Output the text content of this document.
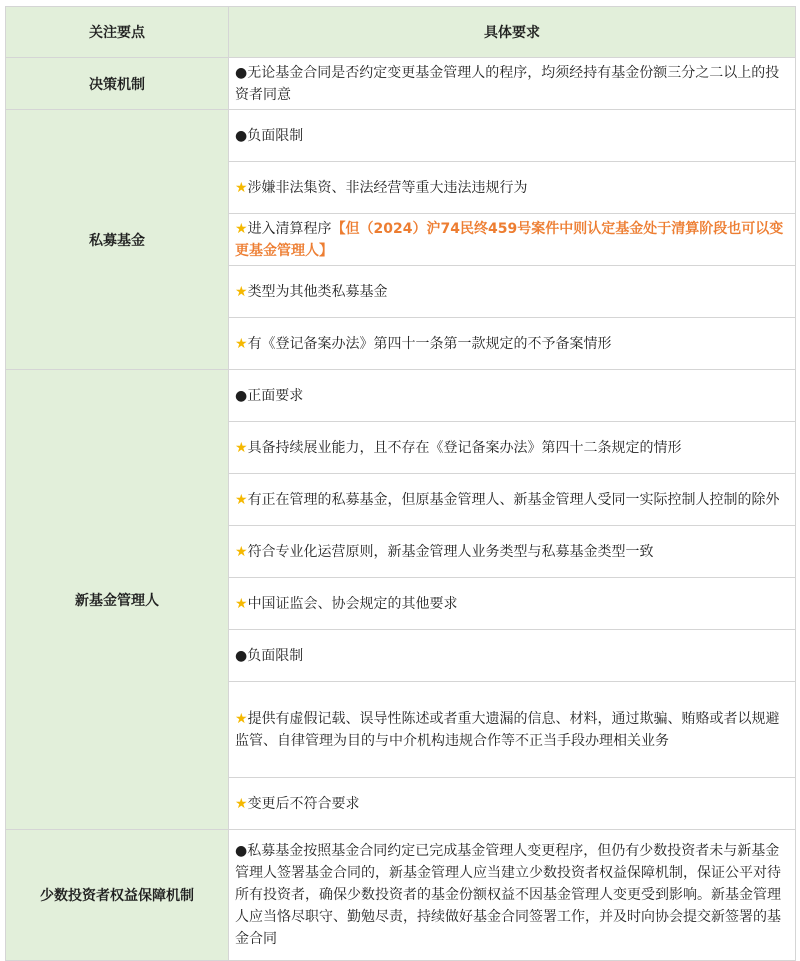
关注要点	具体要求
决策机制	●无论基金合同是否约定变更基金管理人的程序，均须经持有基金份额三分之二以上的投资者同意
私募基金	●负面限制
	★涉嫌非法集资、非法经营等重大违法违规行为
	★进入清算程序【但（2024）沪74民终459号案件中则认定基金处于清算阶段也可以变更基金管理人】
	★类型为其他类私募基金
	★有《登记备案办法》第四十一条第一款规定的不予备案情形
新基金管理人	●正面要求
	★具备持续展业能力，且不存在《登记备案办法》第四十二条规定的情形
	★有正在管理的私募基金，但原基金管理人、新基金管理人受同一实际控制人控制的除外
	★符合专业化运营原则，新基金管理人业务类型与私募基金类型一致
	★中国证监会、协会规定的其他要求
	●负面限制
	★提供有虚假记载、误导性陈述或者重大遗漏的信息、材料，通过欺骗、贿赂或者以规避监管、自律管理为目的与中介机构违规合作等不正当手段办理相关业务
	★变更后不符合要求
少数投资者权益保障机制	●私募基金按照基金合同约定已完成基金管理人变更程序，但仍有少数投资者未与新基金管理人签署基金合同的，新基金管理人应当建立少数投资者权益保障机制，保证公平对待所有投资者，确保少数投资者的基金份额权益不因基金管理人变更受到影响。新基金管理人应当恪尽职守、勤勉尽责，持续做好基金合同签署工作，并及时向协会提交新签署的基金合同
